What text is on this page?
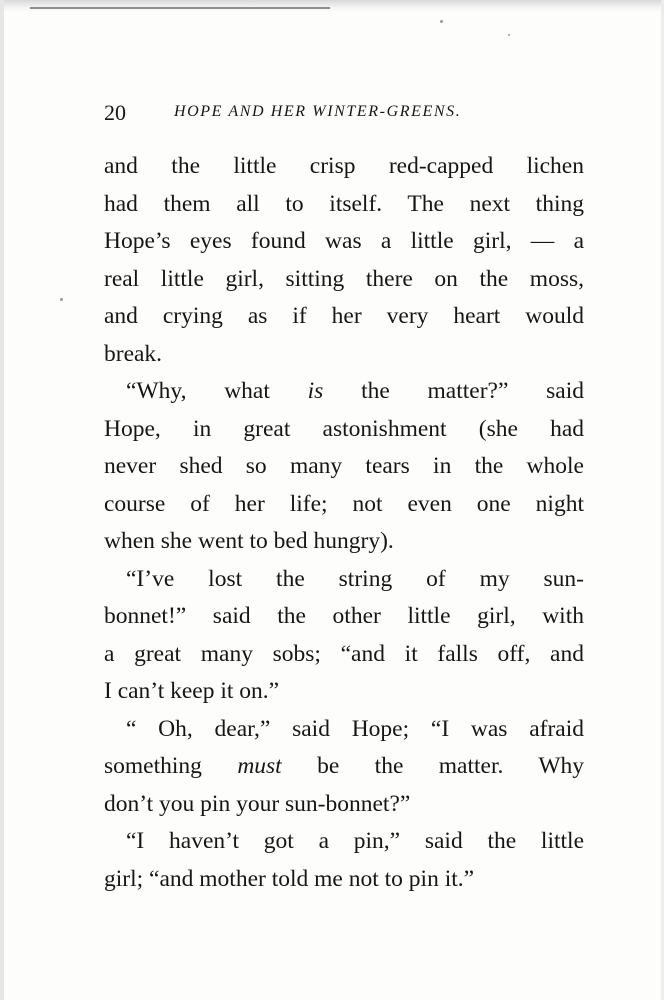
20	HOPE AND HER WINTER-GREENS.
and the little crisp red-capped lichen
had them all to itself. The next thing
Hope’s eyes found was a little girl, — a
real little girl, sitting there on the moss,
and crying as if her very heart would
break.
“Why, what is the matter?” said
Hope, in great astonishment (she had
never shed so many tears in the whole
course of her life; not even one night
when she went to bed hungry).
“I’ve lost the string of my sun-
bonnet!” said the other little girl, with
a great many sobs; “and it falls off, and
I can’t keep it on.”
“ Oh, dear,” said Hope; “I was afraid
something must be the matter. Why
don’t you pin your sun-bonnet?”
“I haven’t got a pin,” said the little
girl; “and mother told me not to pin it.”
